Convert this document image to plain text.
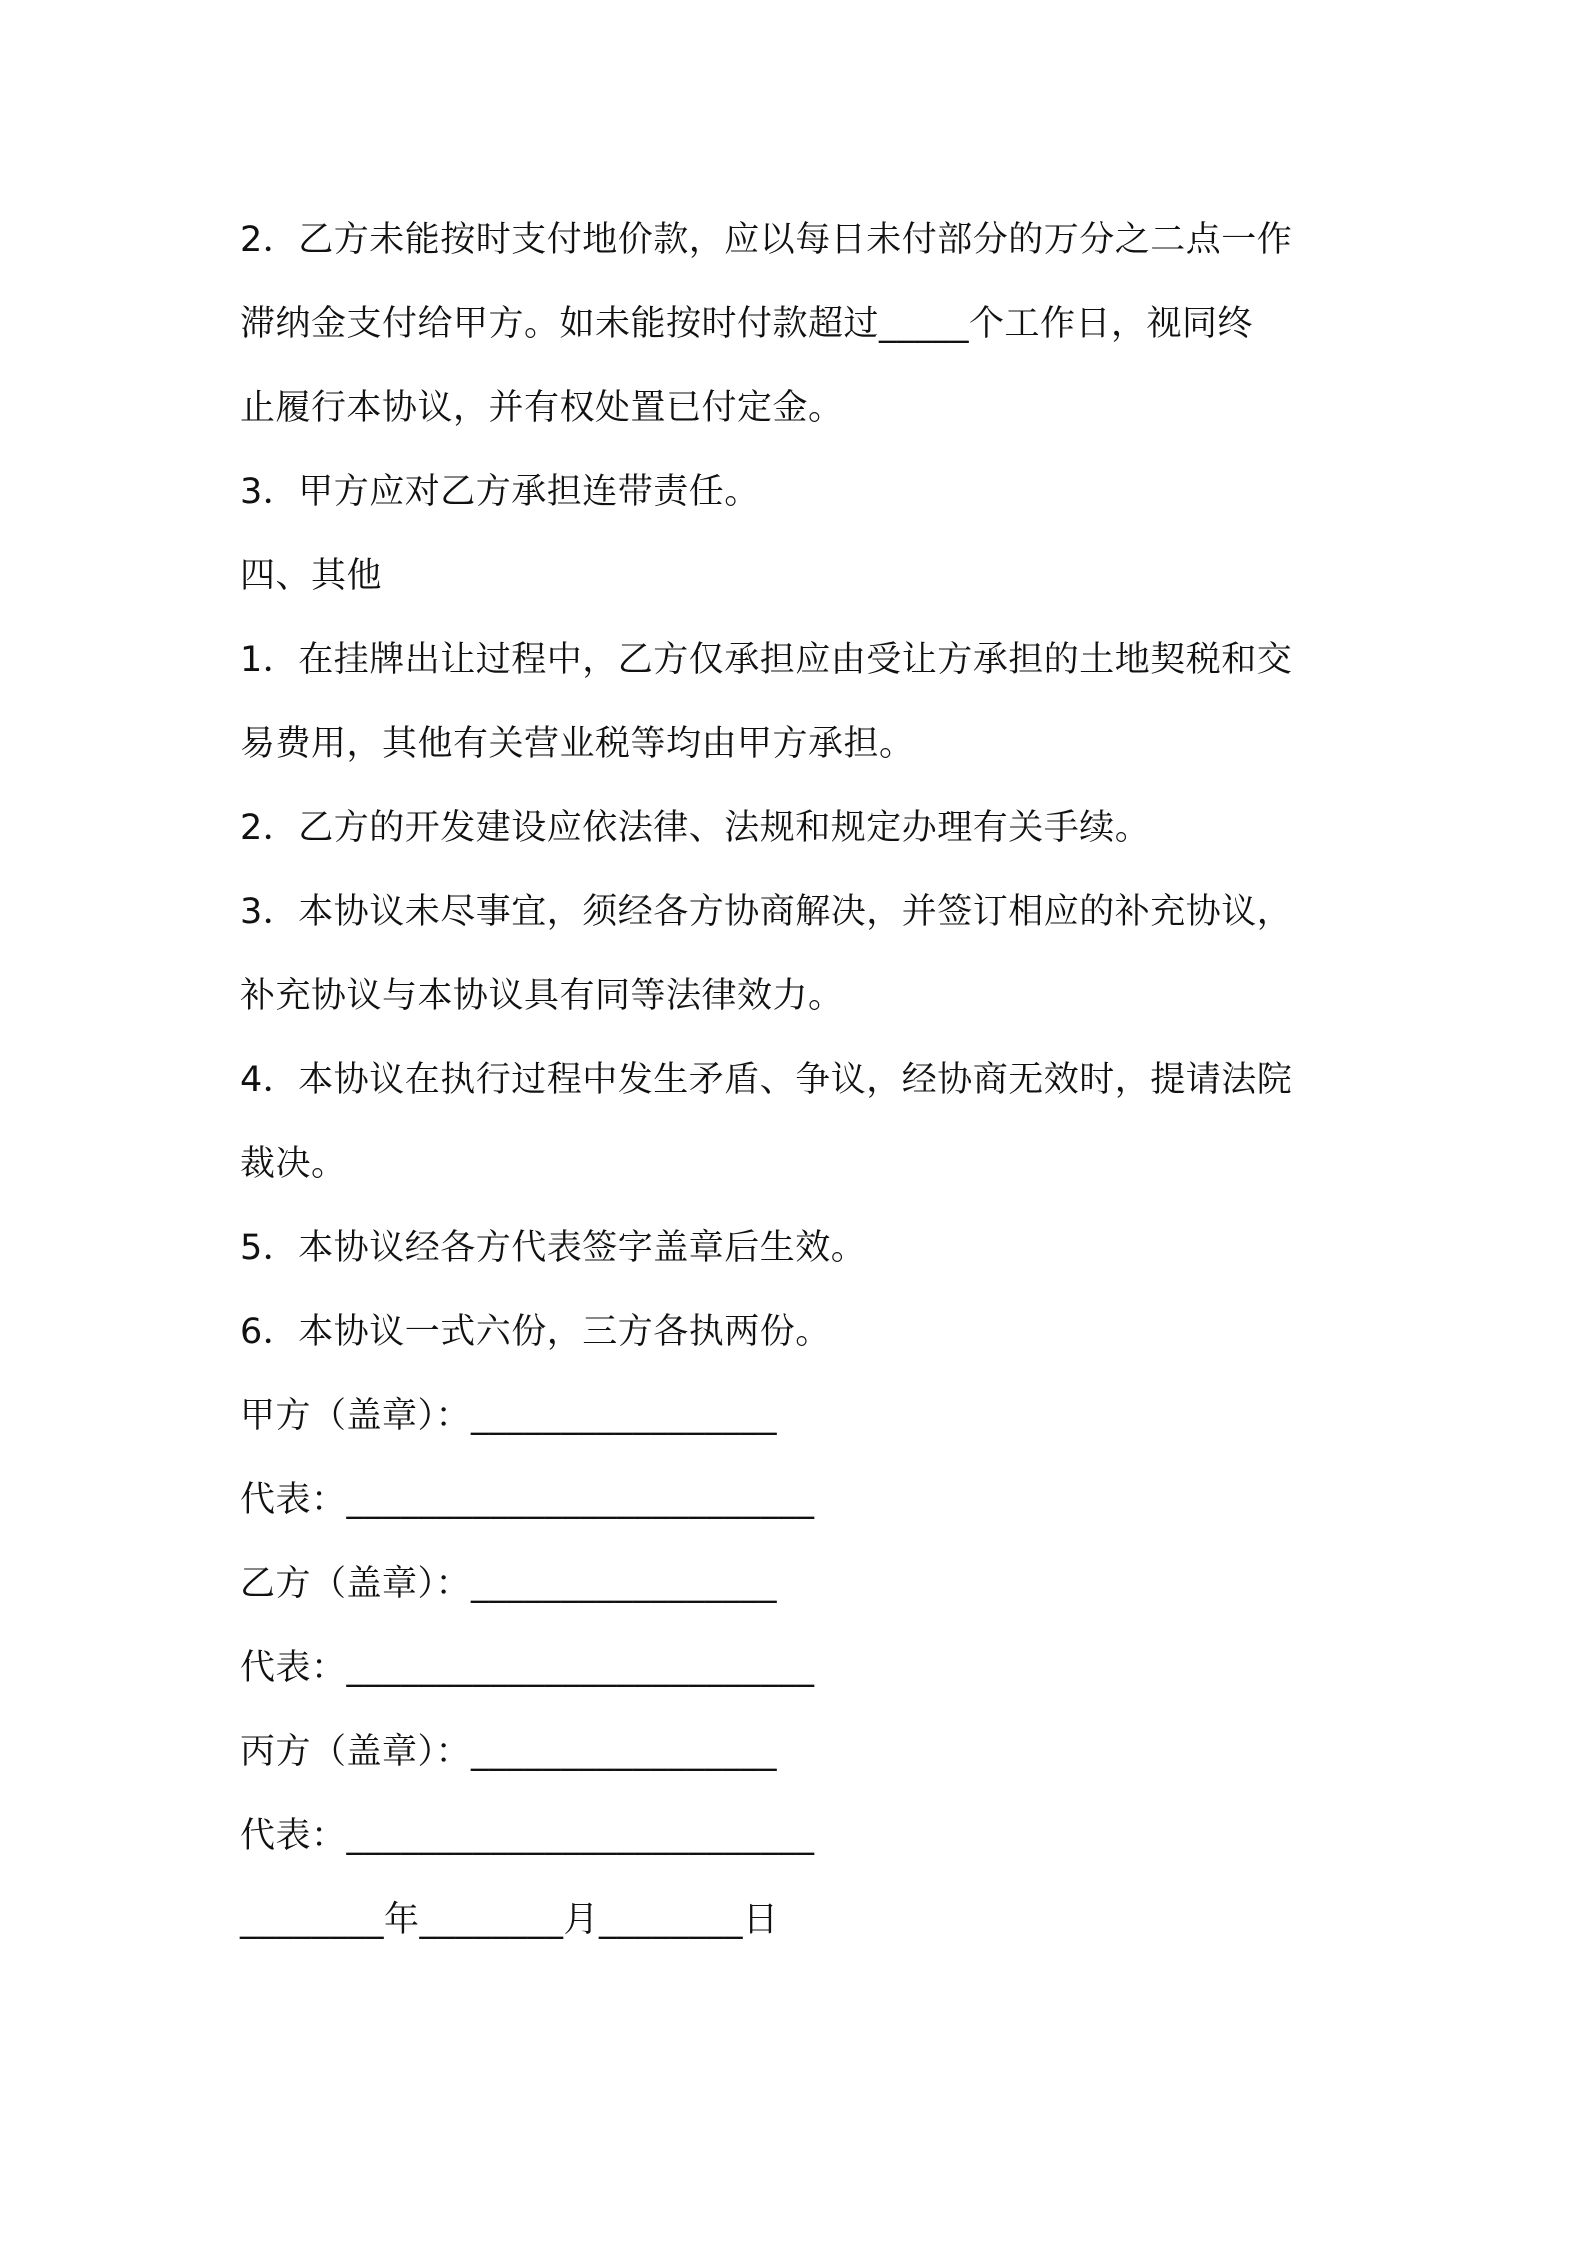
2．乙方未能按时支付地价款，应以每日未付部分的万分之二点一作
滞纳金支付给甲方。如未能按时付款超过_____个工作日，视同终
止履行本协议，并有权处置已付定金。
3．甲方应对乙方承担连带责任。
四、其他
1．在挂牌出让过程中，乙方仅承担应由受让方承担的土地契税和交
易费用，其他有关营业税等均由甲方承担。
2．乙方的开发建设应依法律、法规和规定办理有关手续。
3．本协议未尽事宜，须经各方协商解决，并签订相应的补充协议，
补充协议与本协议具有同等法律效力。
4．本协议在执行过程中发生矛盾、争议，经协商无效时，提请法院
裁决。
5．本协议经各方代表签字盖章后生效。
6．本协议一式六份，三方各执两份。
甲方（盖章）：_________________
代表：__________________________
乙方（盖章）：_________________
代表：__________________________
丙方（盖章）：_________________
代表：__________________________
________年________月________日
